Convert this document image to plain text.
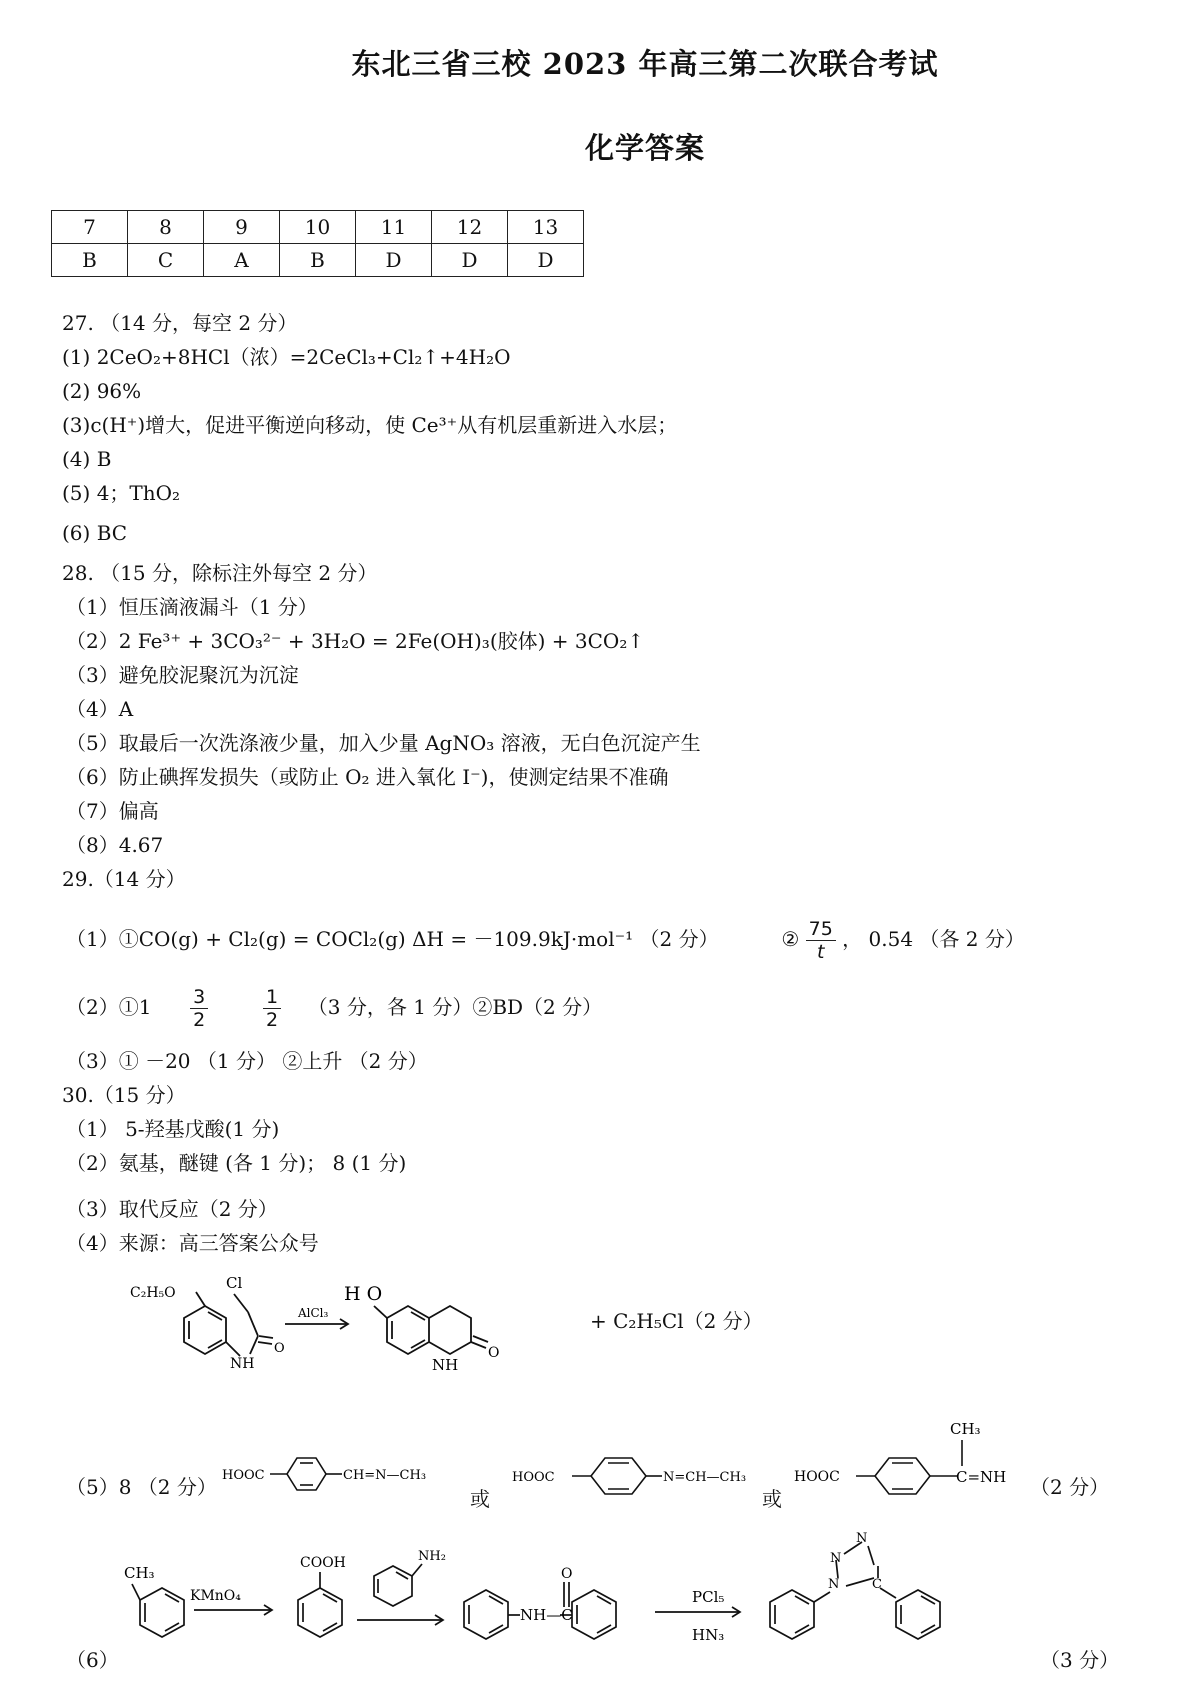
东北三省三校 2023 年高三第二次联合考试
化学答案
7	8	9	10	11	12	13
B	C	A	B	D	D	D
27. （14 分，每空 2 分）
(1) 2CeO₂+8HCl（浓）=2CeCl₃+Cl₂↑+4H₂O
(2) 96%
(3)c(H⁺)增大，促进平衡逆向移动，使 Ce³⁺从有机层重新进入水层；
(4) B
(5) 4；ThO₂
(6) BC
28. （15 分，除标注外每空 2 分）
（1）恒压滴液漏斗（1 分）
（2）2 Fe³⁺ + 3CO₃²⁻ + 3H₂O = 2Fe(OH)₃(胶体) + 3CO₂↑
（3）避免胶泥聚沉为沉淀
（4）A
（5）取最后一次洗涤液少量，加入少量 AgNO₃ 溶液，无白色沉淀产生
（6）防止碘挥发损失（或防止 O₂ 进入氧化 I⁻)，使测定结果不准确
（7）偏高
（8）4.67
29.（14 分）
（1）①CO(g) + Cl₂(g) = COCl₂(g) ΔH = －109.9kJ·mol⁻¹ （2 分）	② $\frac{75}{t}$ ， 0.54 （各 2 分）
（2）①1 $\frac{3}{2}$
	$\frac{1}{2} (3$ 分，各 1 分）②BD（2 分）
（3）① －20 （1 分） ②上升 （2 分）
30.（15 分）
（1） 5-羟基戊酸(1 分)
（2）氨基，醚键 (各 1 分)； 8 (1 分)
（3）取代反应（2 分）
（4）来源：高三答案公众号
C₂H₅O
Cl
NH
O
AlCl₃
H O
NH
O
+ C₂H₅Cl（2 分）
（5）8 （2 分） HOOC	CH=N—CH₃	HOOC	N=CH—CH₃	HOOC
CH₃
C=NH
或	或	（2 分）
（6）
CH₃
KMnO₄
COOH	NH₂
NH—C
O
PCl₅
HN₃
N
N
N	C
（3 分）
